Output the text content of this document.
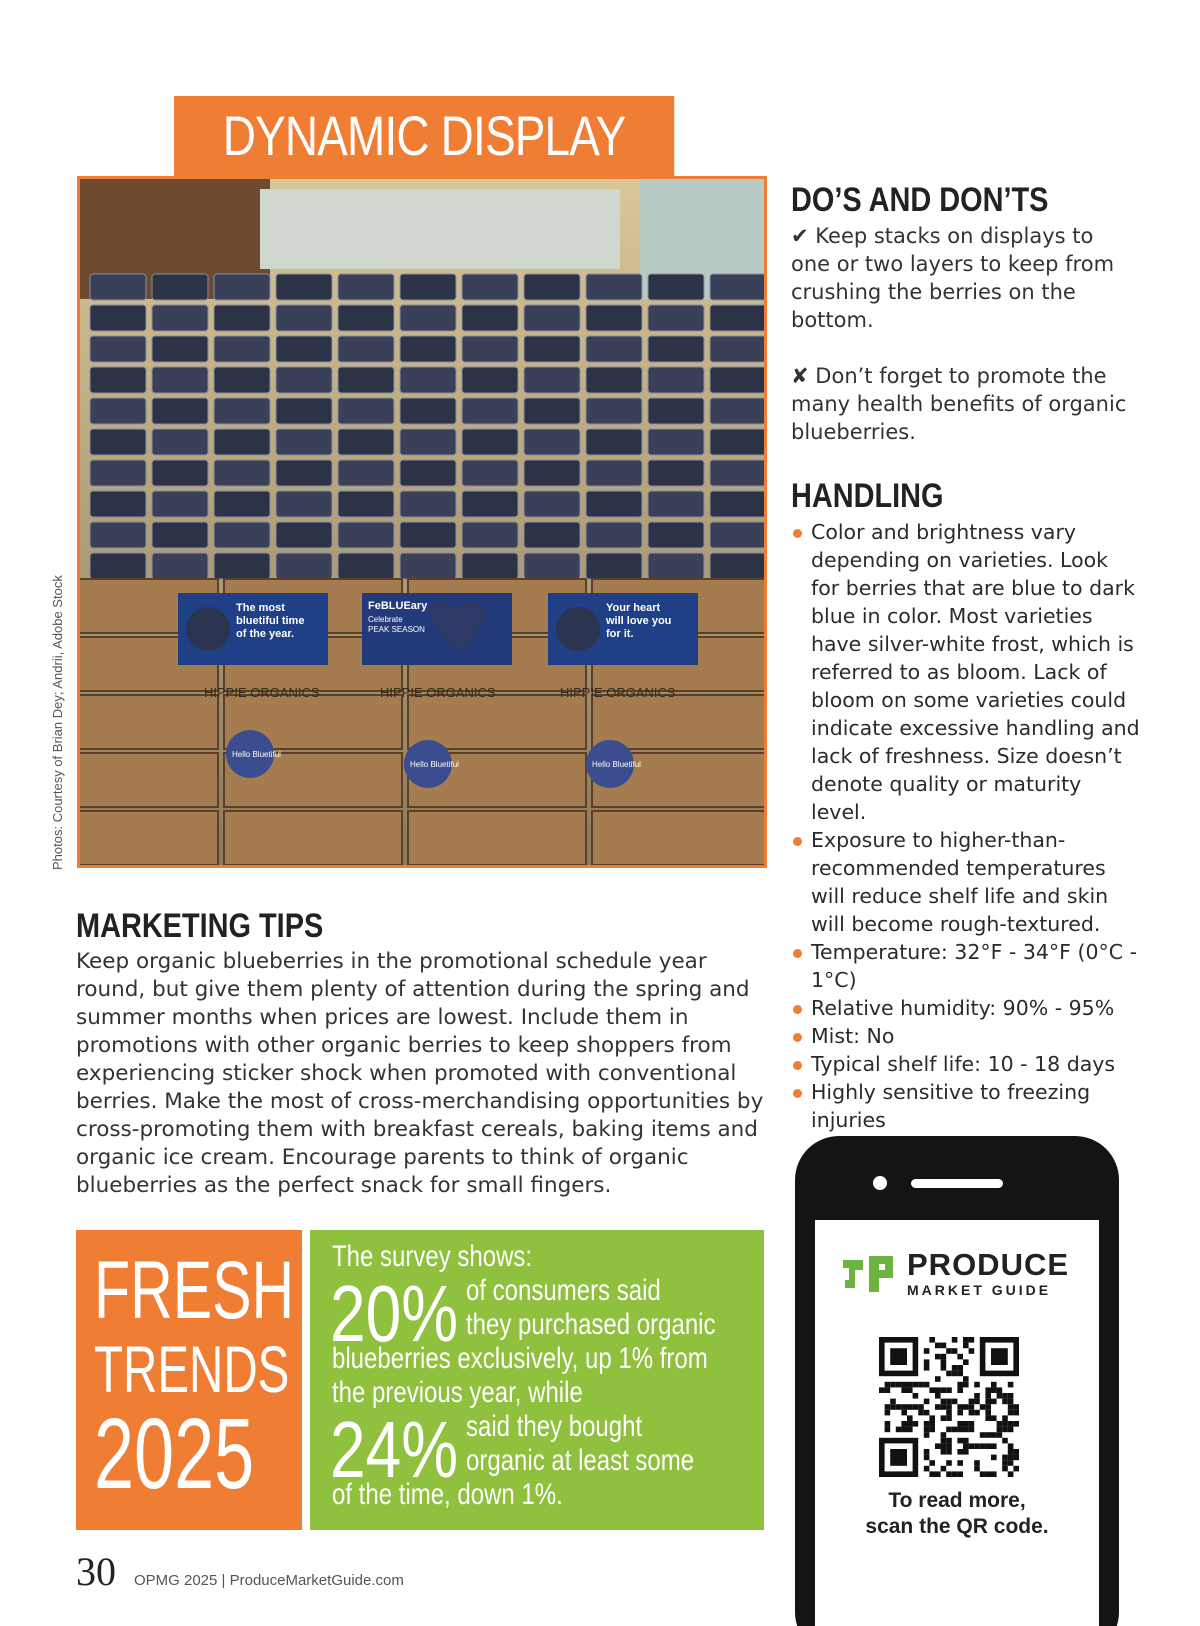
DYNAMIC DISPLAY
The most
bluetiful time
of the year.
FeBLUEary
Celebrate
PEAK SEASON
Your heart
will love you
for it.
HIPPIE ORGANICS	HIPPIE ORGANICS	HIPPIE ORGANICS
Hello Bluetiful
Hello Bluetiful	Hello Bluetiful
Photos: Courtesy of Brian Dey; Andrii, Adobe Stock
DO’S AND DON’TS

✔ Keep stacks on displays to one or two layers to keep from crushing the berries on the bottom.

✘ Don’t forget to promote the many health benefits of organic blueberries.

HANDLING
Color and brightness vary depending on varieties. Look for berries that are blue to dark blue in color. Most varieties have silver-white frost, which is referred to as bloom. Lack of bloom on some varieties could indicate excessive handling and lack of freshness. Size doesn’t denote quality or maturity level.
Exposure to higher-than-recommended temperatures will reduce shelf life and skin will become rough-textured.
Temperature: 32°F - 34°F (0°C - 1°C)
Relative humidity: 90% - 95%
Mist: No
Typical shelf life: 10 - 18 days
Highly sensitive to freezing injuries
MARKETING TIPS

Keep organic blueberries in the promotional schedule year round, but give them plenty of attention during the spring and summer months when prices are lowest. Include them in promotions with other organic berries to keep shoppers from experiencing sticker shock when promoted with conventional berries. Make the most of cross-merchandising opportunities by cross-promoting them with breakfast cereals, baking items and organic ice cream. Encourage parents to think of organic blueberries as the perfect snack for small fingers.

FRESH
TRENDS
2025
The survey shows:
20% of consumers said
they purchased organic
blueberries exclusively, up 1% from
the previous year, while
24% said they bought
organic at least some
of the time, down 1%.
30 OPMG 2025 | ProduceMarketGuide.com
PRODUCE
MARKET GUIDE
To read more,
scan the QR code.
